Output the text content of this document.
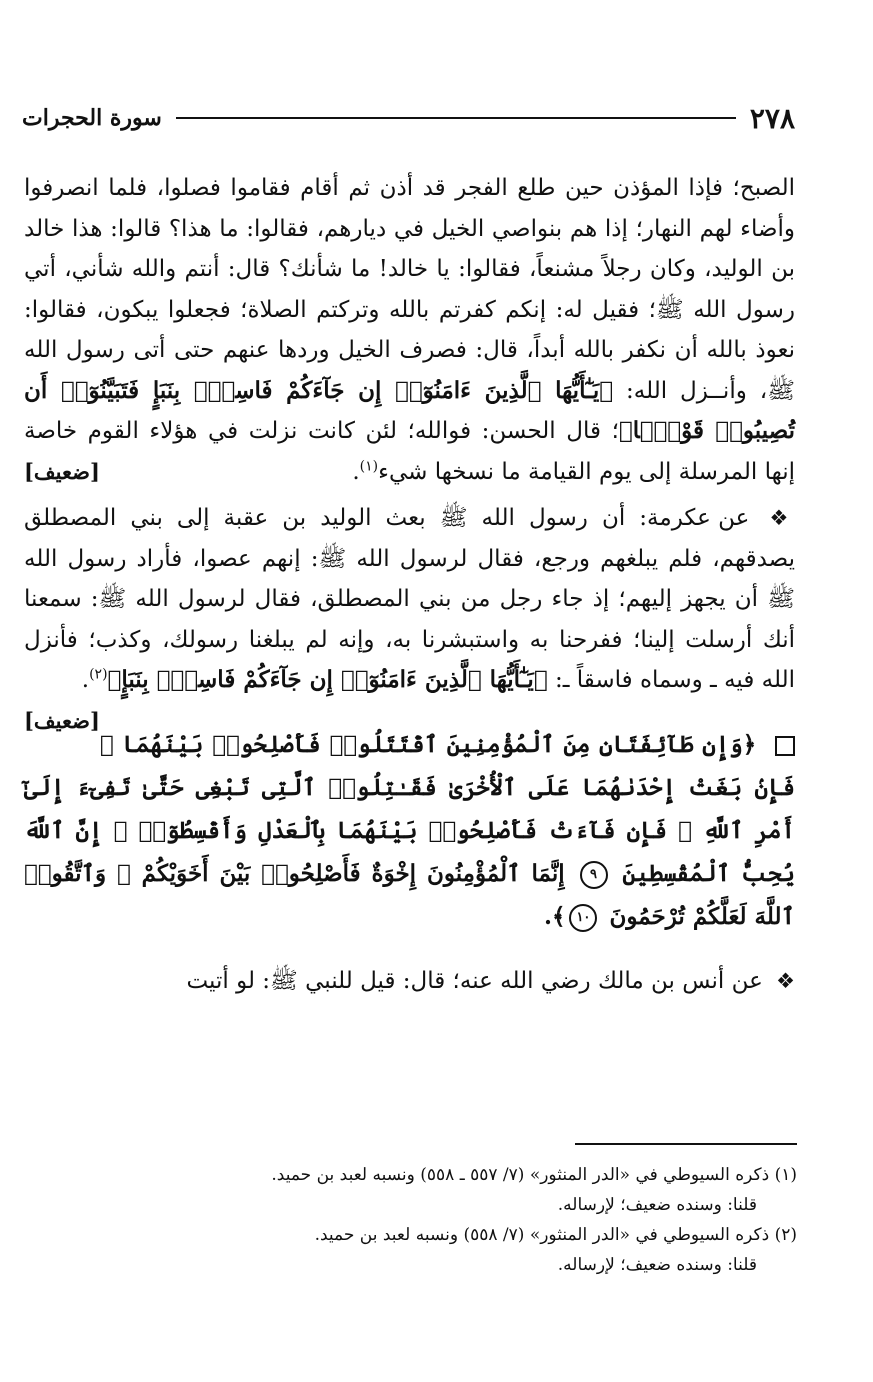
٢٧٨
سورة الحجرات

الصبح؛ فإذا المؤذن حين طلع الفجر قد أذن ثم أقام فقاموا فصلوا، فلما انصرفوا وأضاء لهم النهار؛ إذا هم بنواصي الخيل في ديارهم، فقالوا: ما هذا؟ قالوا: هذا خالد بن الوليد، وكان رجلاً مشنعاً، فقالوا: يا خالد! ما شأنك؟ قال: أنتم والله شأني، أتي رسول الله ﷺ؛ فقيل له: إنكم كفرتم بالله وتركتم الصلاة؛ فجعلوا يبكون، فقالوا: نعوذ بالله أن نكفر بالله أبداً، قال: فصرف الخيل وردها عنهم حتى أتى رسول الله ﷺ، وأنــزل الله: ﴿يَـٰٓأَيُّهَا ٱلَّذِينَ ءَامَنُوٓا۟ إِن جَآءَكُمْ فَاسِقٌۢ بِنَبَإٍ فَتَبَيَّنُوٓا۟ أَن تُصِيبُوا۟ قَوْمًۢا﴾؛ قال الحسن: فوالله؛ لئن كانت نزلت في هؤلاء القوم خاصة إنها المرسلة إلى يوم القيامة ما نسخها شيء$^{(١)}$.
[ضعيف]

❖ عن عكرمة: أن رسول الله ﷺ بعث الوليد بن عقبة إلى بني المصطلق يصدقهم، فلم يبلغهم ورجع، فقال لرسول الله ﷺ: إنهم عصوا، فأراد رسول الله ﷺ أن يجهز إليهم؛ إذ جاء رجل من بني المصطلق، فقال لرسول الله ﷺ: سمعنا أنك أرسلت إلينا؛ ففرحنا به واستبشرنا به، وإنه لم يبلغنا رسولك، وكذب؛ فأنزل الله فيه ـ وسماه فاسقاً ـ: ﴿يَـٰٓأَيُّهَا ٱلَّذِينَ ءَامَنُوٓا۟ إِن جَآءَكُمْ فَاسِقٌۢ بِنَبَإٍ﴾$^{(٢)}$.
[ضعيف]

﴿وَإِن طَآئِفَتَانِ مِنَ ٱلْمُؤْمِنِينَ ٱقْتَتَلُوا۟ فَأَصْلِحُوا۟ بَيْنَهُمَا ۖ فَإِنۢ بَغَتْ إِحْدَىٰهُمَا عَلَى ٱلْأُخْرَىٰ فَقَـٰتِلُوا۟ ٱلَّتِى تَبْغِى حَتَّىٰ تَفِىٓءَ إِلَىٰٓ أَمْرِ ٱللَّهِ ۚ فَإِن فَآءَتْ فَأَصْلِحُوا۟ بَيْنَهُمَا بِٱلْعَدْلِ وَأَقْسِطُوٓا۟ ۖ إِنَّ ٱللَّهَ يُحِبُّ ٱلْمُقْسِطِينَ ٩ إِنَّمَا ٱلْمُؤْمِنُونَ إِخْوَةٌ فَأَصْلِحُوا۟ بَيْنَ أَخَوَيْكُمْ ۚ وَٱتَّقُوا۟ ٱللَّهَ لَعَلَّكُمْ تُرْحَمُونَ ١٠﴾.

❖ عن أنس بن مالك رضي الله عنه؛ قال: قيل للنبي ﷺ: لو أتيت

(١) ذكره السيوطي في «الدر المنثور» (٧/ ٥٥٧ ـ ٥٥٨) ونسبه لعبد بن حميد.

قلنا: وسنده ضعيف؛ لإرساله.

(٢) ذكره السيوطي في «الدر المنثور» (٧/ ٥٥٨) ونسبه لعبد بن حميد.

قلنا: وسنده ضعيف؛ لإرساله.
